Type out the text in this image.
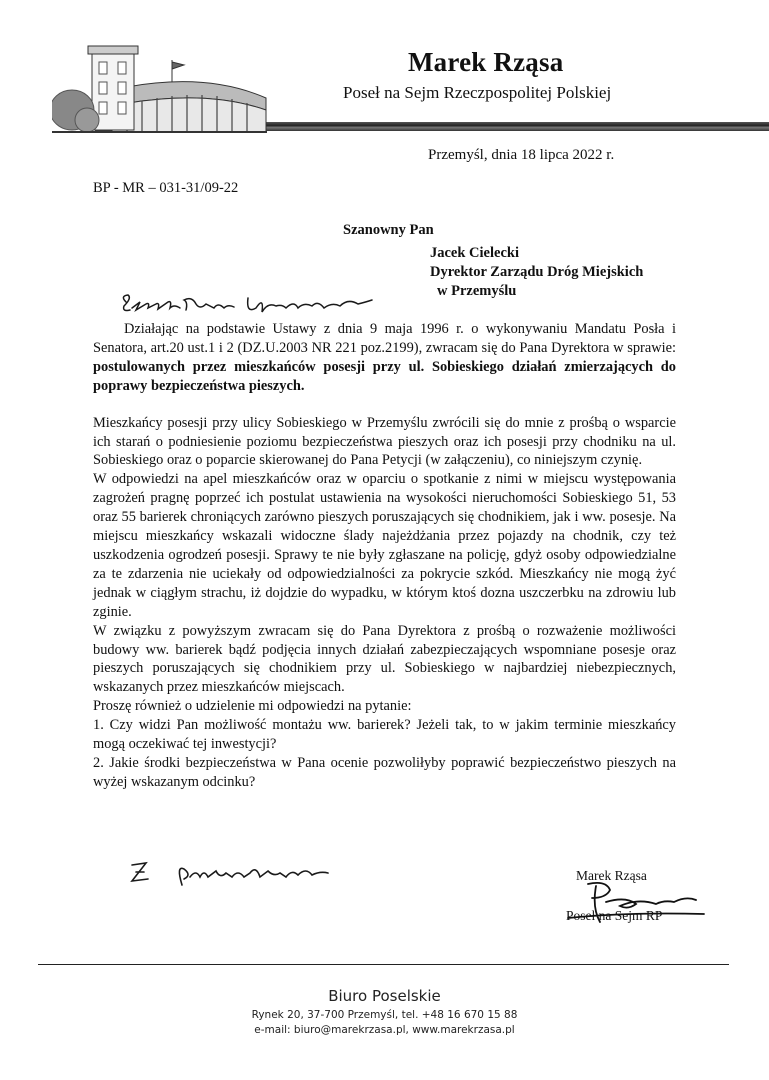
Marek Rząsa
Poseł na Sejm Rzeczpospolitej Polskiej
Przemyśl, dnia 18 lipca 2022 r.
BP - MR – 031-31/09-22
Szanowny Pan
Jacek Cielecki
Dyrektor Zarządu Dróg Miejskich
w Przemyślu

Działając na podstawie Ustawy z dnia 9 maja 1996 r. o wykonywaniu Mandatu Posła i Senatora, art.20 ust.1 i 2 (DZ.U.2003 NR 221 poz.2199), zwracam się do Pana Dyrektora w sprawie: postulowanych przez mieszkańców posesji przy ul. Sobieskiego działań zmierzających do poprawy bezpieczeństwa pieszych.

Mieszkańcy posesji przy ulicy Sobieskiego w Przemyślu zwrócili się do mnie z prośbą o wsparcie ich starań o podniesienie poziomu bezpieczeństwa pieszych oraz ich posesji przy chodniku na ul. Sobieskiego oraz o poparcie skierowanej do Pana Petycji (w załączeniu), co niniejszym czynię.

W odpowiedzi na apel mieszkańców oraz w oparciu o spotkanie z nimi w miejscu występowania zagrożeń pragnę poprzeć ich postulat ustawienia na wysokości nieruchomości Sobieskiego 51, 53 oraz 55 barierek chroniących zarówno pieszych poruszających się chodnikiem, jak i ww. posesje. Na miejscu mieszkańcy wskazali widoczne ślady najeżdżania przez pojazdy na chodnik, czy też uszkodzenia ogrodzeń posesji. Sprawy te nie były zgłaszane na policję, gdyż osoby odpowiedzialne za te zdarzenia nie uciekały od odpowiedzialności za pokrycie szkód. Mieszkańcy nie mogą żyć jednak w ciągłym strachu, iż dojdzie do wypadku, w którym ktoś dozna uszczerbku na zdrowiu lub zginie.

W związku z powyższym zwracam się do Pana Dyrektora z prośbą o rozważenie możliwości budowy ww. barierek bądź podjęcia innych działań zabezpieczających wspomniane posesje oraz pieszych poruszających się chodnikiem przy ul. Sobieskiego w najbardziej niebezpiecznych, wskazanych przez mieszkańców miejscach.

Proszę również o udzielenie mi odpowiedzi na pytanie:

1. Czy widzi Pan możliwość montażu ww. barierek? Jeżeli tak, to w jakim terminie mieszkańcy mogą oczekiwać tej inwestycji?

2. Jakie środki bezpieczeństwa w Pana ocenie pozwoliłyby poprawić bezpieczeństwo pieszych na wyżej wskazanym odcinku?

Marek Rząsa
Poseł na Sejm RP
Biuro Poselskie
Rynek 20, 37-700 Przemyśl, tel. +48 16 670 15 88
e-mail: biuro@marekrzasa.pl, www.marekrzasa.pl
